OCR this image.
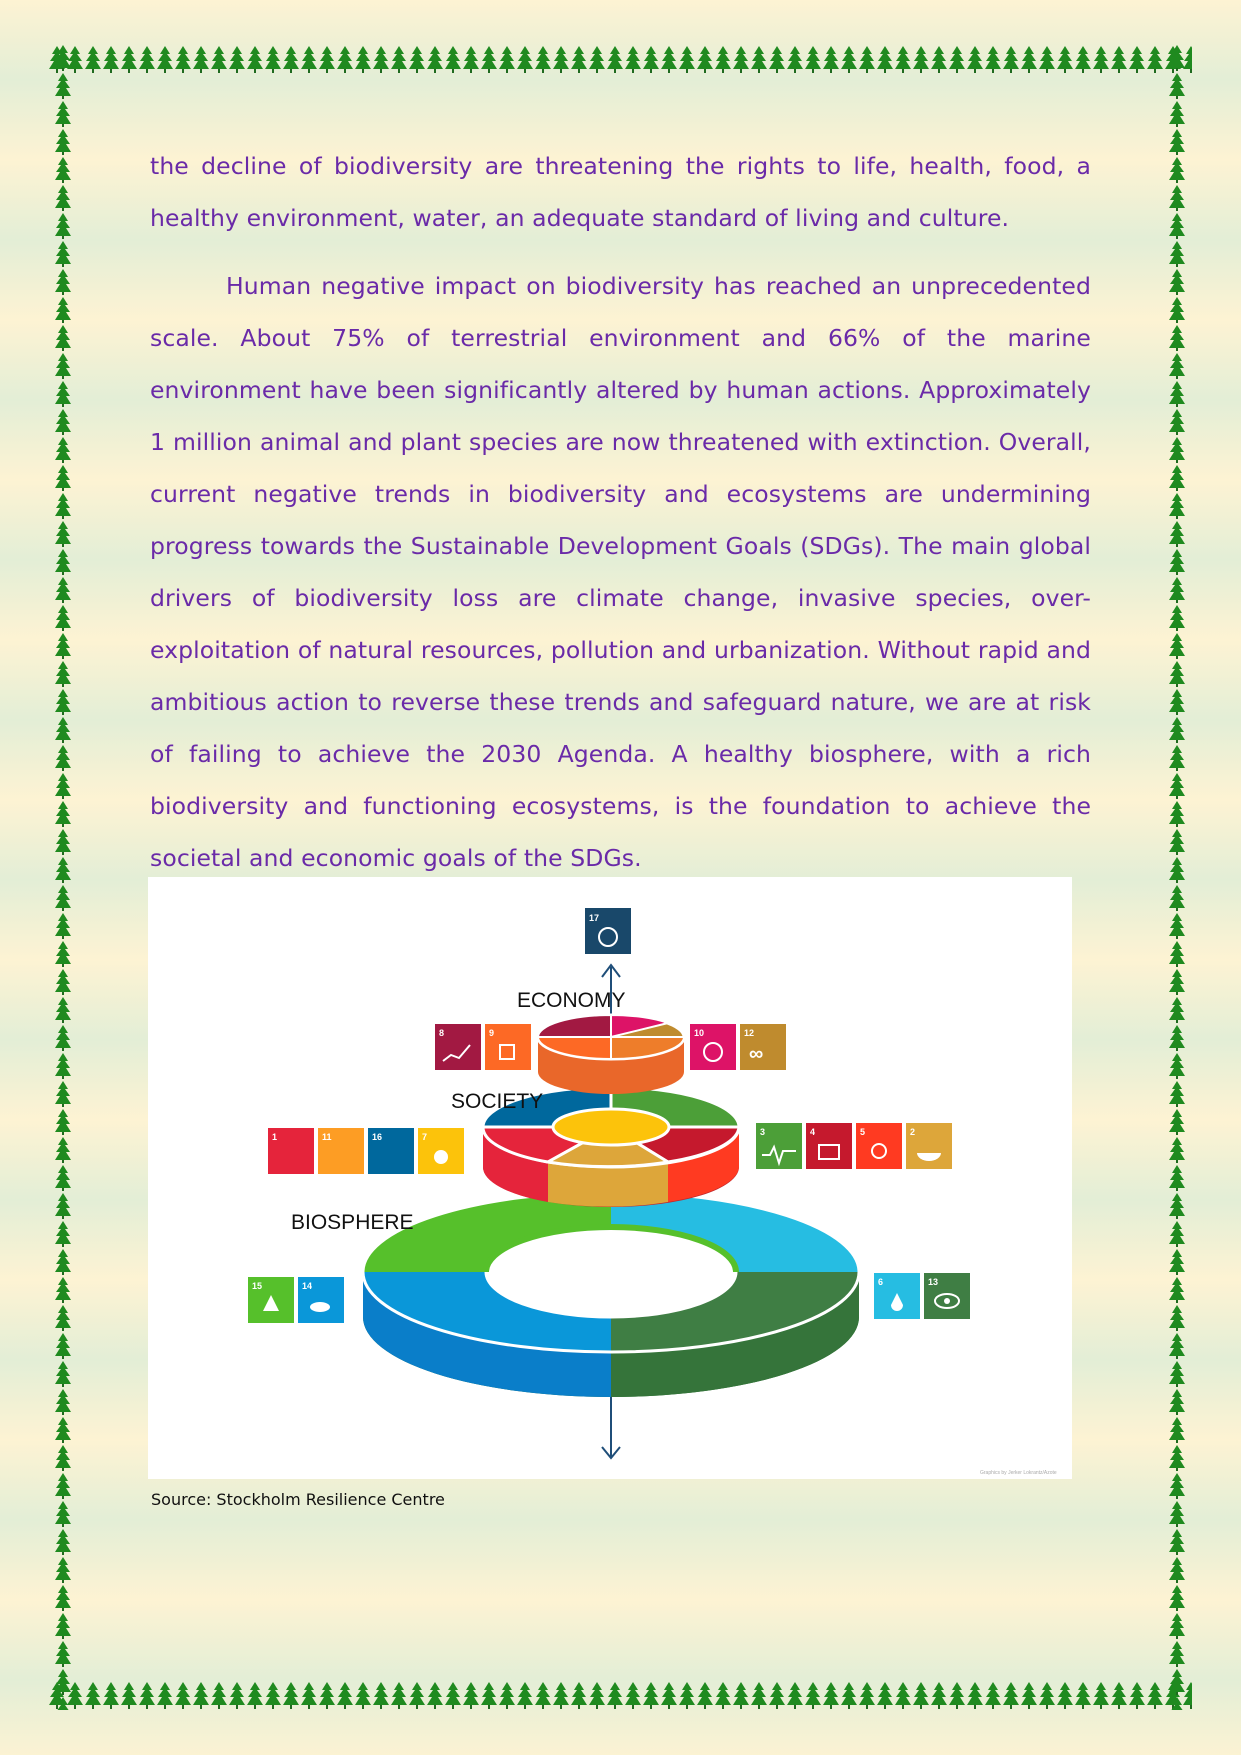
the decline of biodiversity are threatening the rights to life, health, food, a healthy environment, water, an adequate standard of living and culture.

Human negative impact on biodiversity has reached an unprecedented scale. About 75% of terrestrial environment and 66% of the marine environment have been significantly altered by human actions. Approximately 1 million animal and plant species are now threatened with extinction. Overall, current negative trends in biodiversity and ecosystems are undermining progress towards the Sustainable Development Goals (SDGs). The main global drivers of biodiversity loss are climate change, invasive species, over-exploitation of natural resources, pollution and urbanization. Without rapid and ambitious action to reverse these trends and safeguard nature, we are at risk of failing to achieve the 2030 Agenda. A healthy biosphere, with a rich biodiversity and functioning ecosystems, is the foundation to achieve the societal and economic goals of the SDGs.

ECONOMY
SOCIETY
BIOSPHERE
17
8	9	10	12
∞
1	11	16	7	3	4	5	2
15	14	6	13
Graphics by Jerker Lokrantz/Azote
Source: Stockholm Resilience Centre
